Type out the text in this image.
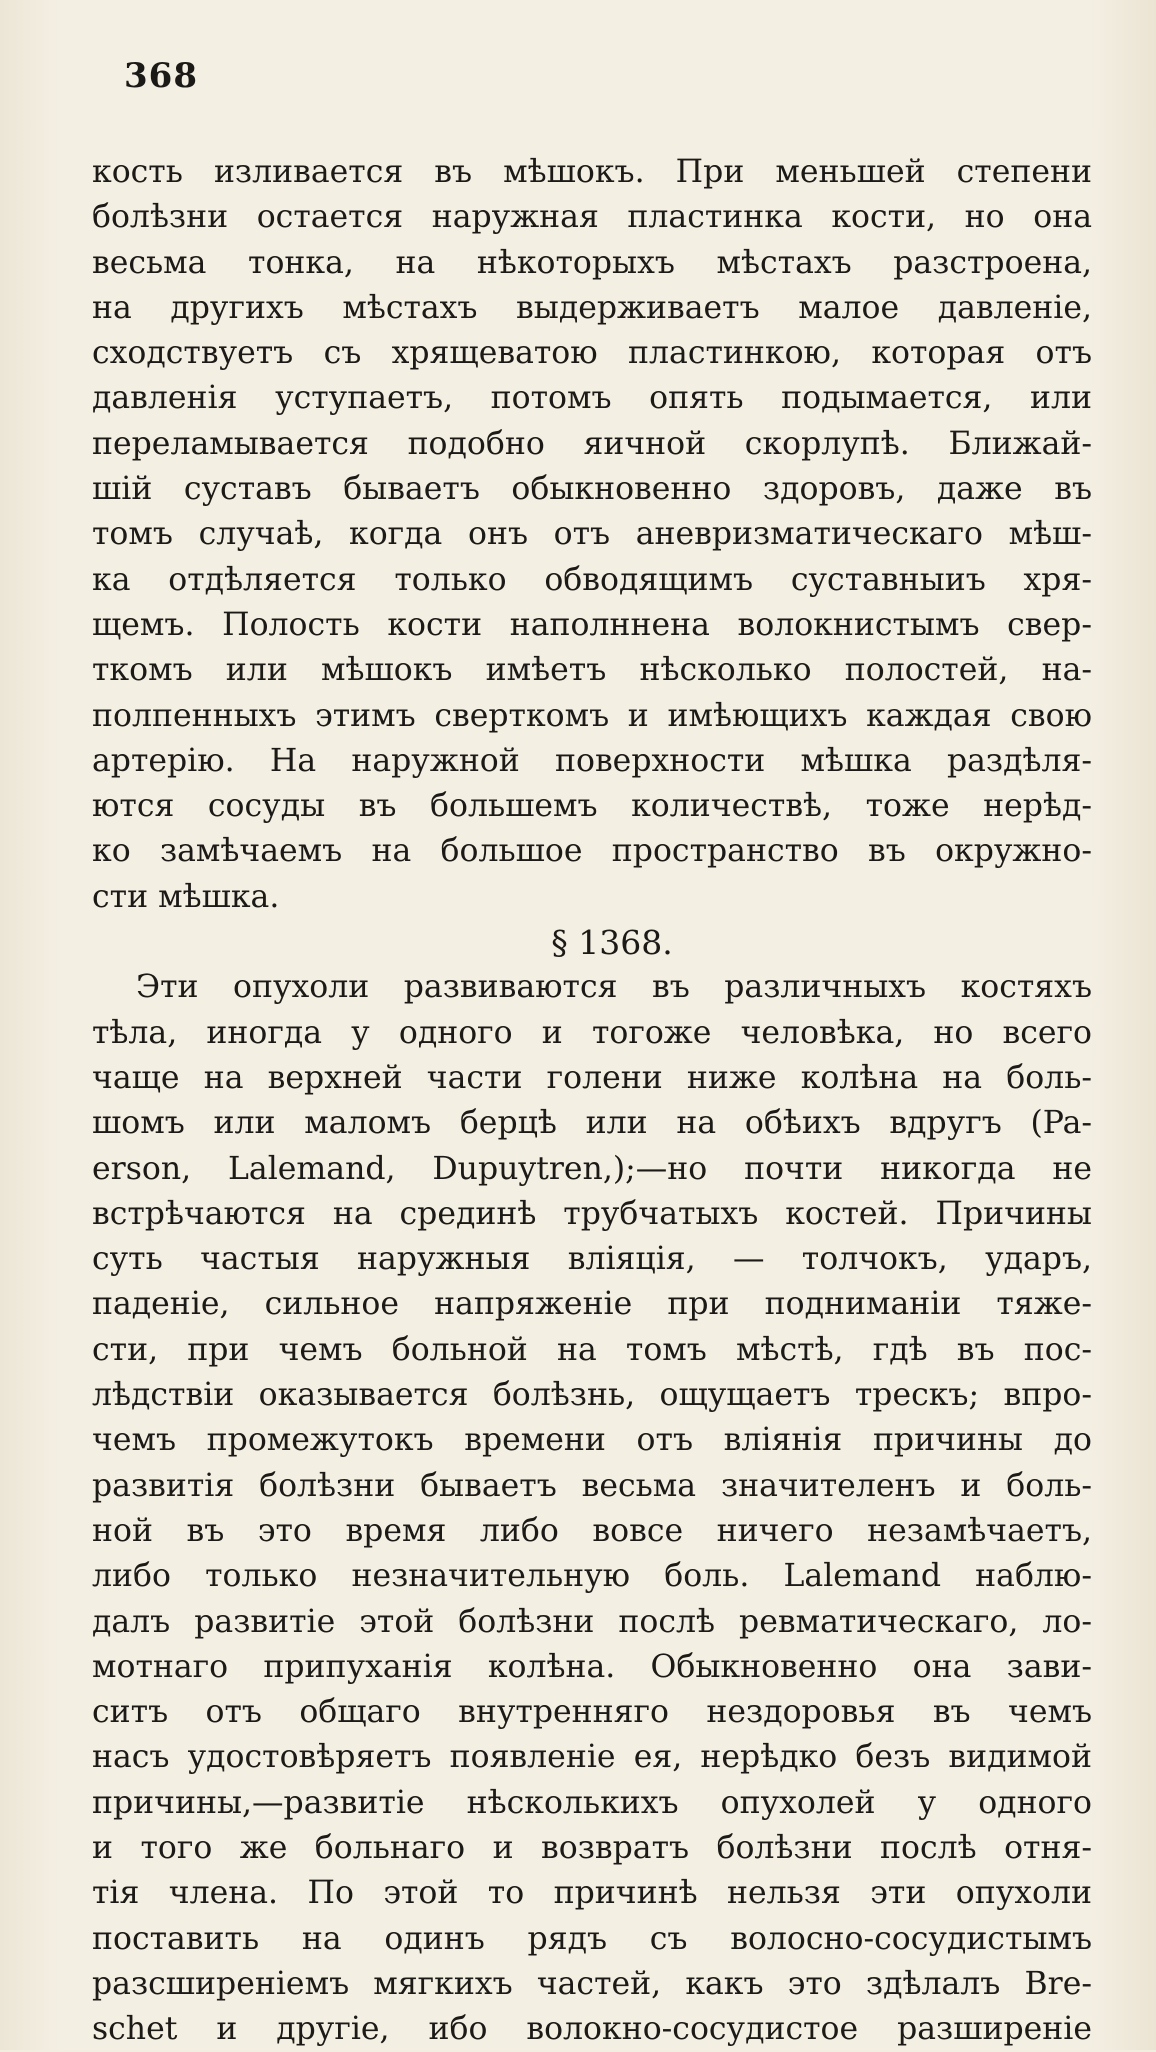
368
кость изливается въ мѣшокъ. При меньшей степени
болѣзни остается наружная пластинка кости, но она
весьма тонка, на нѣкоторыхъ мѣстахъ разстроена,
на другихъ мѣстахъ выдерживаетъ малое давленіе,
сходствуетъ съ хрящеватою пластинкою, которая отъ
давленія уступаетъ, потомъ опять подымается, или
переламывается подобно яичной скорлупѣ. Ближай-
шій суставъ бываетъ обыкновенно здоровъ, даже въ
томъ случаѣ, когда онъ отъ аневризматическаго мѣш-
ка отдѣляется только обводящимъ суставныиъ хря-
щемъ. Полость кости наполннена волокнистымъ свер-
ткомъ или мѣшокъ имѣетъ нѣсколько полостей, на-
полпенныхъ этимъ сверткомъ и имѣющихъ каждая свою
артерію. На наружной поверхности мѣшка раздѣля-
ются сосуды въ большемъ количествѣ, тоже нерѣд-
ко замѣчаемъ на большое пространство въ окружно-
сти мѣшка.
§ 1368.
Эти опухоли развиваются въ различныхъ костяхъ
тѣла, иногда у одного и тогоже человѣка, но всего
чаще на верхней части голени ниже колѣна на боль-
шомъ или маломъ берцѣ или на обѣихъ вдругъ (Pa-
erson, Lalemand, Dupuytren,);—но почти никогда не
встрѣчаются на срединѣ трубчатыхъ костей. Причины
суть частыя наружныя вліяція, — толчокъ, ударъ,
паденіе, сильное напряженіе при подниманіи тяже-
сти, при чемъ больной на томъ мѣстѣ, гдѣ въ пос-
лѣдствіи оказывается болѣзнь, ощущаетъ трескъ; впро-
чемъ промежутокъ времени отъ вліянія причины до
развитія болѣзни бываетъ весьма значителенъ и боль-
ной въ это время либо вовсе ничего незамѣчаетъ,
либо только незначительную боль. Lalemand наблю-
далъ развитіе этой болѣзни послѣ ревматическаго, ло-
мотнаго припуханія колѣна. Обыкновенно она зави-
ситъ отъ общаго внутренняго нездоровья въ чемъ
насъ удостовѣряетъ появленіе ея, нерѣдко безъ видимой
причины,—развитіе нѣсколькихъ опухолей у одного
и того же больнаго и возвратъ болѣзни послѣ отня-
тія члена. По этой то причинѣ нельзя эти опухоли
поставить на одинъ рядъ съ волосно-сосудистымъ
разсширеніемъ мягкихъ частей, какъ это здѣлалъ Bre-
schet и другіе, ибо волокно-сосудистое разширеніе
